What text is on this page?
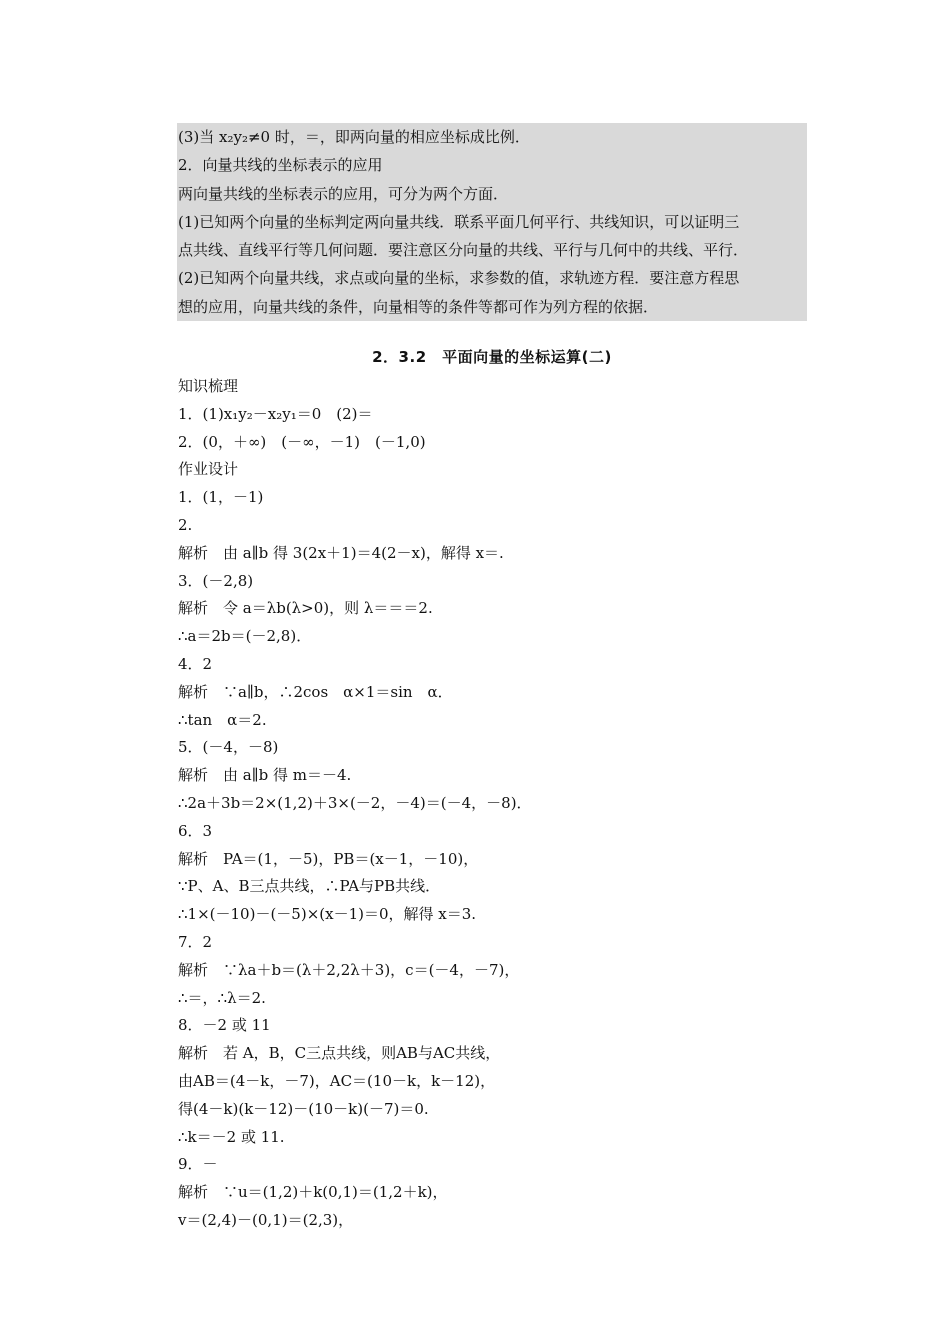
(3)当 x₂y₂≠0 时，＝，即两向量的相应坐标成比例．

2．向量共线的坐标表示的应用

两向量共线的坐标表示的应用，可分为两个方面．

(1)已知两个向量的坐标判定两向量共线．联系平面几何平行、共线知识，可以证明三

点共线、直线平行等几何问题．要注意区分向量的共线、平行与几何中的共线、平行．

(2)已知两个向量共线，求点或向量的坐标，求参数的值，求轨迹方程．要注意方程思

想的应用，向量共线的条件，向量相等的条件等都可作为列方程的依据．

2．3.2　平面向量的坐标运算(二)

知识梳理

1．(1)x₁y₂－x₂y₁＝0　(2)＝

2．(0，＋∞)　(－∞，－1)　(－1,0)

作业设计

1．(1，－1)

2.

解析　由 a∥b 得 3(2x＋1)＝4(2－x)，解得 x＝.

3．(－2,8)

解析　令 a＝λb(λ>0)，则 λ＝＝＝2.

∴a＝2b＝(－2,8)．

4．2

解析　∵a∥b，∴2cos　α×1＝sin　α．

∴tan　α＝2.

5．(－4，－8)

解析　由 a∥b 得 m＝－4.

∴2a＋3b＝2×(1,2)＋3×(－2，－4)＝(－4，－8)．

6．3

解析　PA＝(1，－5)，PB＝(x－1，－10)，

∵P、A、B三点共线，∴PA与PB共线．

∴1×(－10)－(－5)×(x－1)＝0，解得 x＝3.

7．2

解析　∵λa＋b＝(λ＋2,2λ＋3)，c＝(－4，－7)，

∴＝，∴λ＝2.

8．－2 或 11

解析　若 A，B，C三点共线，则AB与AC共线，

由AB＝(4－k，－7)，AC＝(10－k，k－12)，

得(4－k)(k－12)－(10－k)(－7)＝0.

∴k＝－2 或 11.

9．－

解析　∵u＝(1,2)＋k(0,1)＝(1,2＋k)，

v＝(2,4)－(0,1)＝(2,3)，
